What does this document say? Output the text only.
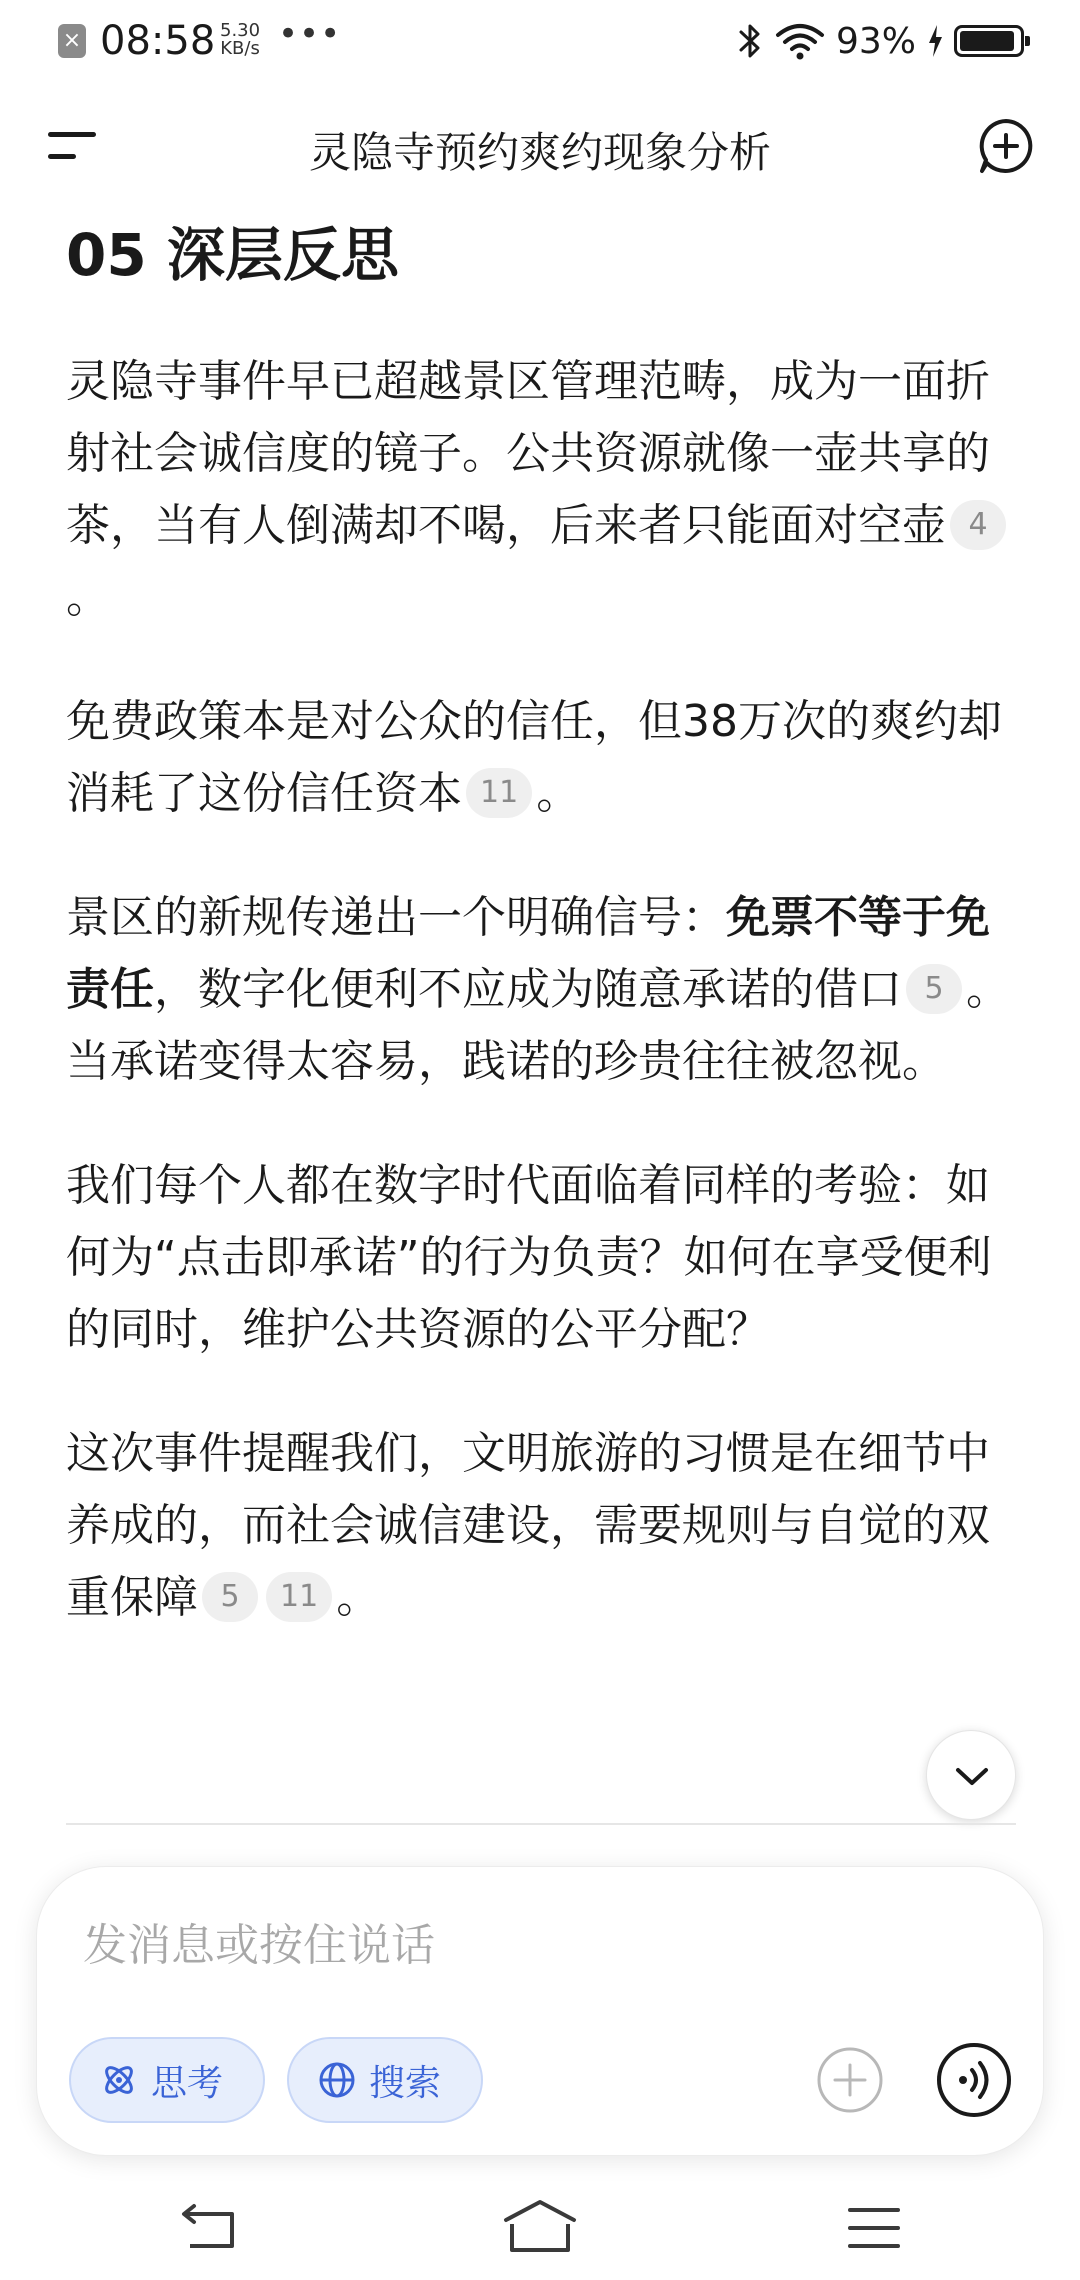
× 08:58 5.30
KB/s •••	93%
灵隐寺预约爽约现象分析
05 深层反思

灵隐寺事件早已超越景区管理范畴，成为一面折射社会诚信度的镜子。公共资源就像一壶共享的茶，当有人倒满却不喝，后来者只能面对空壶 4。

免费政策本是对公众的信任，但38万次的爽约却消耗了这份信任资本 11 。

景区的新规传递出一个明确信号：免票不等于免责任，数字化便利不应成为随意承诺的借口 5 。当承诺变得太容易，践诺的珍贵往往被忽视。

我们每个人都在数字时代面临着同样的考验：如何为“点击即承诺”的行为负责？如何在享受便利的同时，维护公共资源的公平分配？

这次事件提醒我们，文明旅游的习惯是在细节中养成的，而社会诚信建设，需要规则与自觉的双重保障 5 11 。

发消息或按住说话
思考	搜索
